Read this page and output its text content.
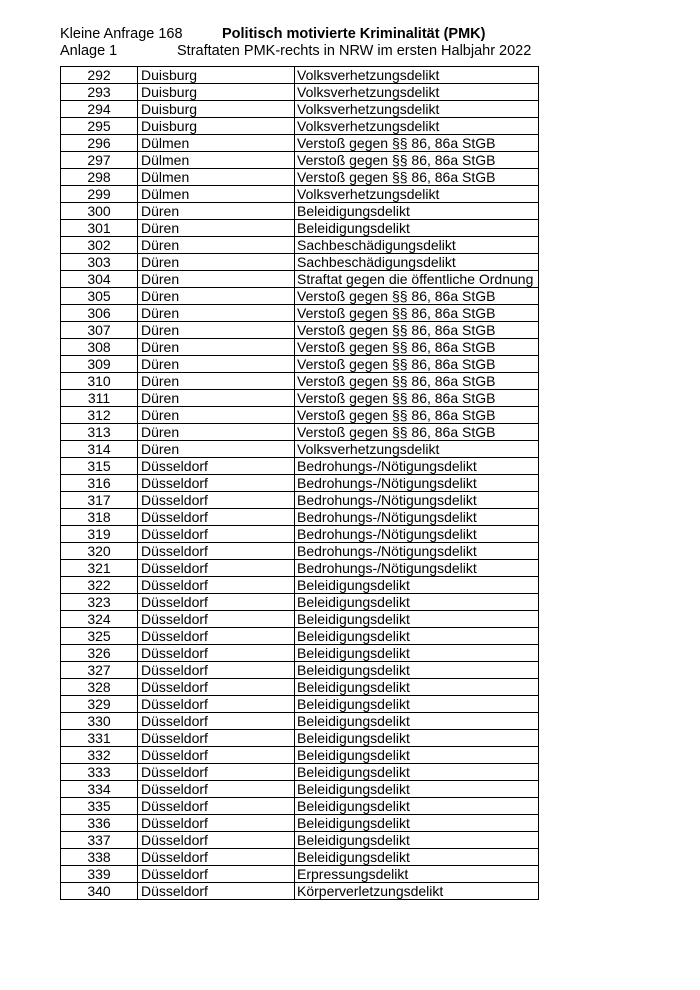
Kleine Anfrage 168
Anlage 1
Politisch motivierte Kriminalität (PMK)
Straftaten PMK-rechts in NRW im ersten Halbjahr 2022
292	Duisburg	Volksverhetzungsdelikt
293	Duisburg	Volksverhetzungsdelikt
294	Duisburg	Volksverhetzungsdelikt
295	Duisburg	Volksverhetzungsdelikt
296	Dülmen	Verstoß gegen §§ 86, 86a StGB
297	Dülmen	Verstoß gegen §§ 86, 86a StGB
298	Dülmen	Verstoß gegen §§ 86, 86a StGB
299	Dülmen	Volksverhetzungsdelikt
300	Düren	Beleidigungsdelikt
301	Düren	Beleidigungsdelikt
302	Düren	Sachbeschädigungsdelikt
303	Düren	Sachbeschädigungsdelikt
304	Düren	Straftat gegen die öffentliche Ordnung
305	Düren	Verstoß gegen §§ 86, 86a StGB
306	Düren	Verstoß gegen §§ 86, 86a StGB
307	Düren	Verstoß gegen §§ 86, 86a StGB
308	Düren	Verstoß gegen §§ 86, 86a StGB
309	Düren	Verstoß gegen §§ 86, 86a StGB
310	Düren	Verstoß gegen §§ 86, 86a StGB
311	Düren	Verstoß gegen §§ 86, 86a StGB
312	Düren	Verstoß gegen §§ 86, 86a StGB
313	Düren	Verstoß gegen §§ 86, 86a StGB
314	Düren	Volksverhetzungsdelikt
315	Düsseldorf	Bedrohungs-/Nötigungsdelikt
316	Düsseldorf	Bedrohungs-/Nötigungsdelikt
317	Düsseldorf	Bedrohungs-/Nötigungsdelikt
318	Düsseldorf	Bedrohungs-/Nötigungsdelikt
319	Düsseldorf	Bedrohungs-/Nötigungsdelikt
320	Düsseldorf	Bedrohungs-/Nötigungsdelikt
321	Düsseldorf	Bedrohungs-/Nötigungsdelikt
322	Düsseldorf	Beleidigungsdelikt
323	Düsseldorf	Beleidigungsdelikt
324	Düsseldorf	Beleidigungsdelikt
325	Düsseldorf	Beleidigungsdelikt
326	Düsseldorf	Beleidigungsdelikt
327	Düsseldorf	Beleidigungsdelikt
328	Düsseldorf	Beleidigungsdelikt
329	Düsseldorf	Beleidigungsdelikt
330	Düsseldorf	Beleidigungsdelikt
331	Düsseldorf	Beleidigungsdelikt
332	Düsseldorf	Beleidigungsdelikt
333	Düsseldorf	Beleidigungsdelikt
334	Düsseldorf	Beleidigungsdelikt
335	Düsseldorf	Beleidigungsdelikt
336	Düsseldorf	Beleidigungsdelikt
337	Düsseldorf	Beleidigungsdelikt
338	Düsseldorf	Beleidigungsdelikt
339	Düsseldorf	Erpressungsdelikt
340	Düsseldorf	Körperverletzungsdelikt
